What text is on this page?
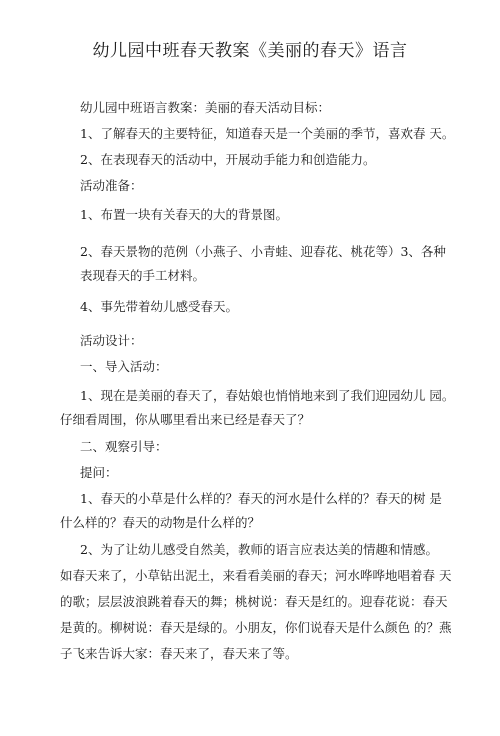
幼儿园中班春天教案《美丽的春天》语言
幼儿园中班语言教案：美丽的春天活动目标：
1、了解春天的主要特征，知道春天是一个美丽的季节，喜欢春 天。
2、在表现春天的活动中，开展动手能力和创造能力。
活动准备：
1、布置一块有关春天的大的背景图。
2、春天景物的范例（小燕子、小青蛙、迎春花、桃花等）3、各种
表现春天的手工材料。
4、事先带着幼儿感受春天。
活动设计：
一、导入活动：
1、现在是美丽的春天了，春姑娘也悄悄地来到了我们迎园幼儿 园。
仔细看周围，你从哪里看出来已经是春天了？
二、观察引导：
提问：
1、春天的小草是什么样的？春天的河水是什么样的？春天的树 是
什么样的？春天的动物是什么样的？
2、为了让幼儿感受自然美，教师的语言应表达美的情趣和情感。
如春天来了，小草钻出泥土，来看看美丽的春天；河水哗哗地唱着春 天
的歌；层层波浪跳着春天的舞；桃树说：春天是红的。迎春花说：春天
是黄的。柳树说：春天是绿的。小朋友，你们说春天是什么颜色 的？燕
子飞来告诉大家：春天来了，春天来了等。
